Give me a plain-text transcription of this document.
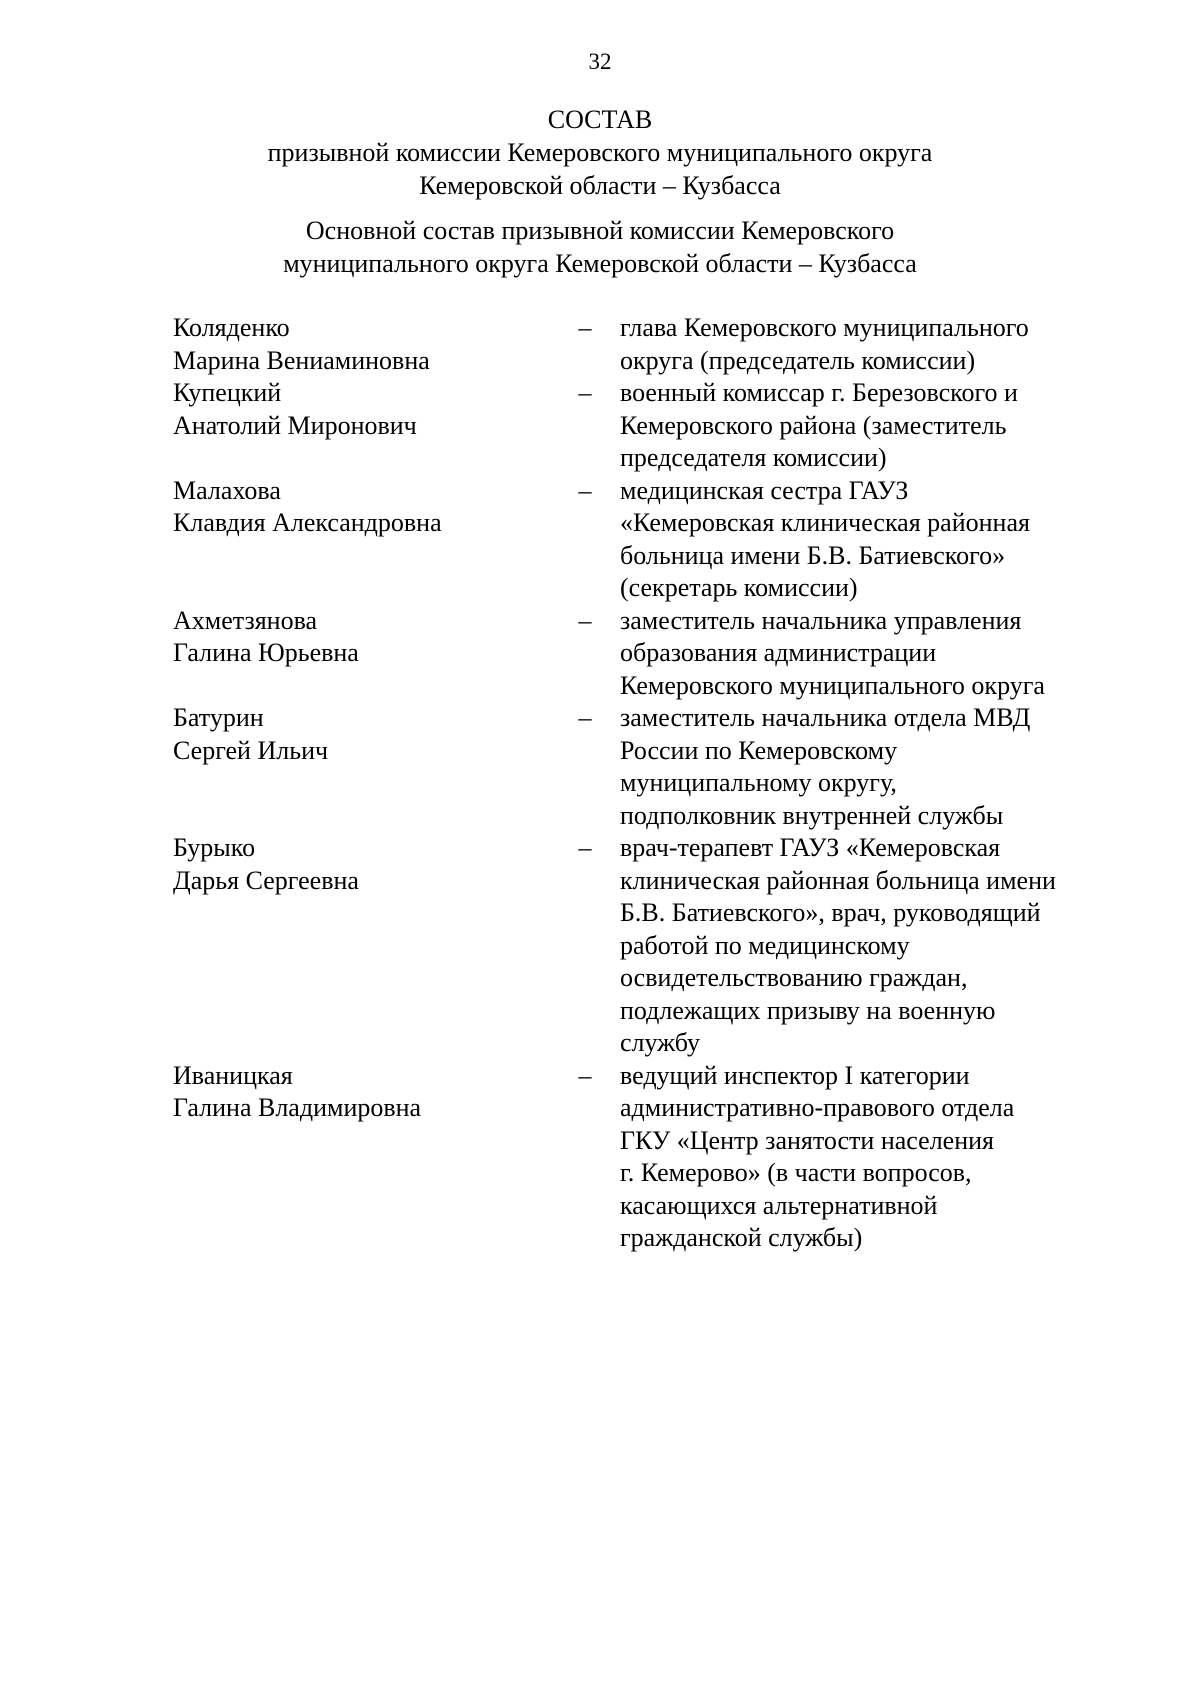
32
СОСТАВ
призывной комиссии Кемеровского муниципального округа
Кемеровской области – Кузбасса
Основной состав призывной комиссии Кемеровского
муниципального округа Кемеровской области – Кузбасса
Коляденко
Марина Вениаминовна
– глава Кемеровского муниципального
округа (председатель комиссии)
Купецкий
Анатолий Миронович
– военный комиссар г. Березовского и
Кемеровского района (заместитель
председателя комиссии)
Малахова
Клавдия Александровна
– медицинская сестра ГАУЗ
«Кемеровская клиническая районная
больница имени Б.В. Батиевского»
(секретарь комиссии)
Ахметзянова
Галина Юрьевна
– заместитель начальника управления
образования администрации
Кемеровского муниципального округа
Батурин
Сергей Ильич
– заместитель начальника отдела МВД
России по Кемеровскому
муниципальному округу,
подполковник внутренней службы
Бурыко
Дарья Сергеевна
– врач-терапевт ГАУЗ «Кемеровская
клиническая районная больница имени
Б.В. Батиевского», врач, руководящий
работой по медицинскому
освидетельствованию граждан,
подлежащих призыву на военную
службу
Иваницкая
Галина Владимировна
– ведущий инспектор I категории
административно-правового отдела
ГКУ «Центр занятости населения
г. Кемерово» (в части вопросов,
касающихся альтернативной
гражданской службы)
